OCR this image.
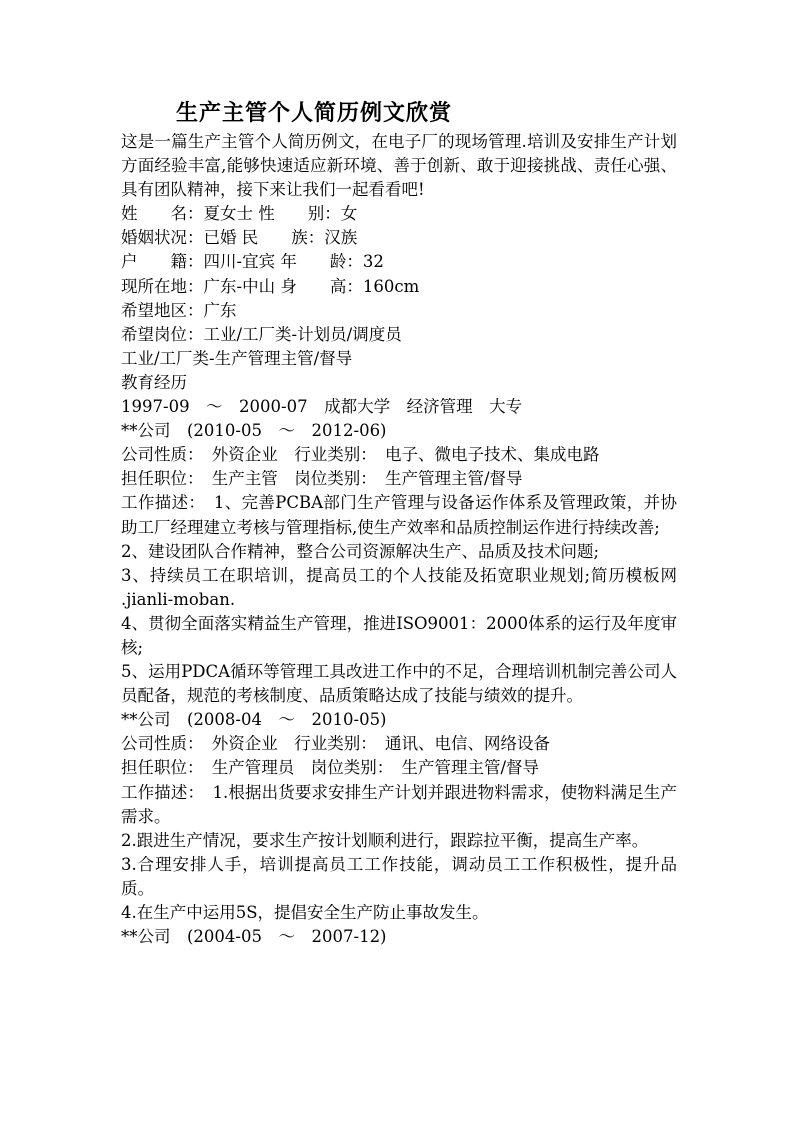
生产主管个人简历例文欣赏
这是一篇生产主管个人简历例文，在电子厂的现场管理.培训及安排生产计划方面经验丰富,能够快速适应新环境、善于创新、敢于迎接挑战、责任心强、具有团队精神，接下来让我们一起看看吧!
姓　　名：夏女士 性　　别：女
婚姻状况：已婚 民　　族：汉族
户　　籍：四川-宜宾 年　　龄：32
现所在地：广东-中山 身　　高：160cm
希望地区：广东
希望岗位：工业/工厂类-计划员/调度员
工业/工厂类-生产管理主管/督导
教育经历
1997-09　～　2000-07　成都大学　经济管理　大专
**公司　(2010-05　～　2012-06)
公司性质：　外资企业　行业类别：　电子、微电子技术、集成电路
担任职位：　生产主管　岗位类别：　生产管理主管/督导
工作描述：　1、完善PCBA部门生产管理与设备运作体系及管理政策，并协助工厂经理建立考核与管理指标,使生产效率和品质控制运作进行持续改善;
2、建设团队合作精神，整合公司资源解决生产、品质及技术问题;
3、持续员工在职培训，提高员工的个人技能及拓宽职业规划;简历模板网 .jianli-moban.
4、贯彻全面落实精益生产管理，推进ISO9001：2000体系的运行及年度审核;
5、运用PDCA循环等管理工具改进工作中的不足，合理培训机制完善公司人员配备，规范的考核制度、品质策略达成了技能与绩效的提升。
**公司　(2008-04　～　2010-05)
公司性质：　外资企业　行业类别：　通讯、电信、网络设备
担任职位：　生产管理员　岗位类别：　生产管理主管/督导
工作描述：　1.根据出货要求安排生产计划并跟进物料需求，使物料满足生产需求。
2.跟进生产情况，要求生产按计划顺利进行，跟踪拉平衡，提高生产率。
3.合理安排人手，培训提高员工工作技能，调动员工工作积极性，提升品质。
4.在生产中运用5S，提倡安全生产防止事故发生。
**公司　(2004-05　～　2007-12)
